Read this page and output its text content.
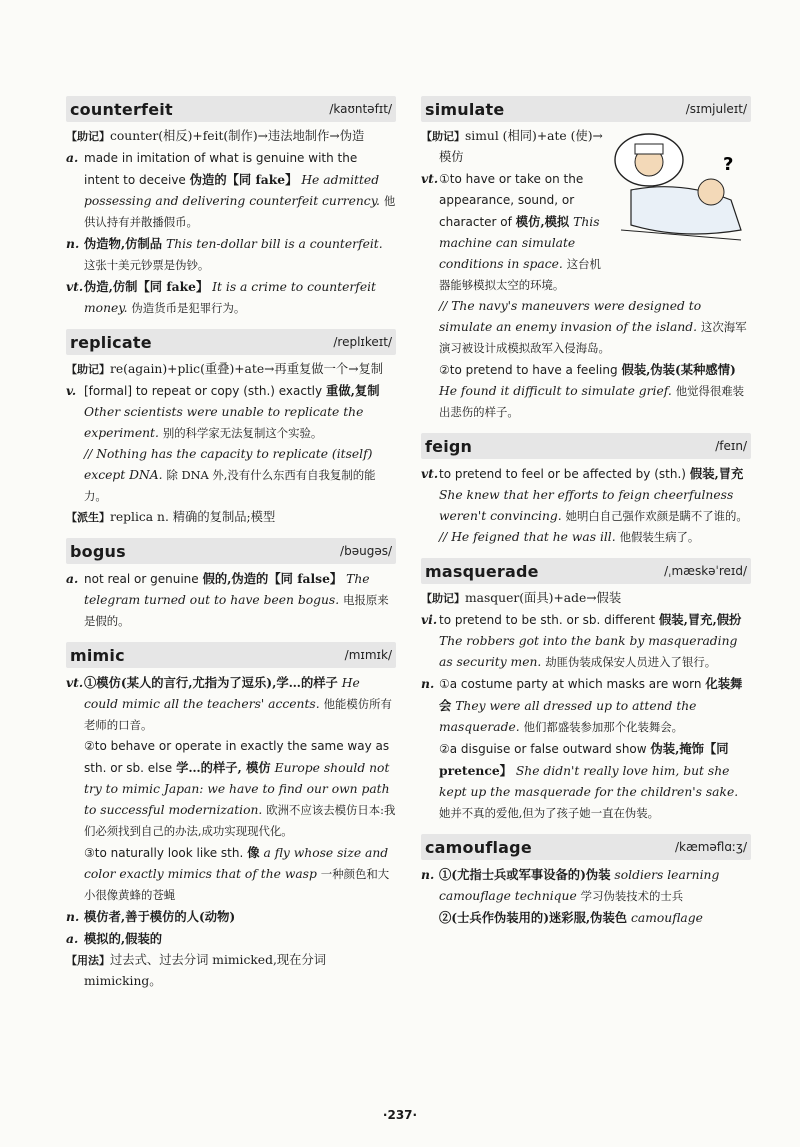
counterfeit	/kaʊntəfɪt/

【助记】counter(相反)+feit(制作)→违法地制作→伪造

a. made in imitation of what is genuine with the intent to deceive 伪造的【同 fake】 He admitted possessing and delivering counterfeit currency. 他供认持有并散播假币。

n. 伪造物,仿制品 This ten-dollar bill is a counterfeit. 这张十美元钞票是伪钞。

vt.伪造,仿制【同 fake】 It is a crime to counterfeit money. 伪造货币是犯罪行为。

replicate	/replɪkeɪt/

【助记】re(again)+plic(重叠)+ate→再重复做一个→复制

v. [formal] to repeat or copy (sth.) exactly 重做,复制 Other scientists were unable to replicate the experiment. 别的科学家无法复制这个实验。

// Nothing has the capacity to replicate (itself) except DNA. 除 DNA 外,没有什么东西有自我复制的能力。

【派生】replica n. 精确的复制品;模型

bogus	/bəugəs/

a. not real or genuine 假的,伪造的【同 false】 The telegram turned out to have been bogus. 电报原来是假的。

mimic	/mɪmɪk/

vt.①模仿(某人的言行,尤指为了逗乐),学…的样子 He could mimic all the teachers' accents. 他能模仿所有老师的口音。

②to behave or operate in exactly the same way as sth. or sb. else 学…的样子, 模仿 Europe should not try to mimic Japan: we have to find our own path to successful modernization. 欧洲不应该去模仿日本:我们必须找到自己的办法,成功实现现代化。

③to naturally look like sth. 像 a fly whose size and color exactly mimics that of the wasp 一种颜色和大小很像黄蜂的苍蝇

n. 模仿者,善于模仿的人(动物)

a. 模拟的,假装的

【用法】过去式、过去分词 mimicked,现在分词 mimicking。

simulate	/sɪmjuleɪt/
?

【助记】simul (相同)+ate (使)→模仿

vt.①to have or take on the appearance, sound, or character of 模仿,模拟 This machine can simulate conditions in space. 这台机器能够模拟太空的环境。

// The navy's maneuvers were designed to simulate an enemy invasion of the island. 这次海军演习被设计成模拟敌军入侵海岛。

②to pretend to have a feeling 假装,伪装(某种感情) He found it difficult to simulate grief. 他觉得很难装出悲伤的样子。

feign	/feɪn/

vt.to pretend to feel or be affected by (sth.) 假装,冒充 She knew that her efforts to feign cheerfulness weren't convincing. 她明白自己强作欢颜是瞒不了谁的。

// He feigned that he was ill. 他假装生病了。

masquerade	/ˌmæskəˈreɪd/

【助记】masquer(面具)+ade→假装

vi. to pretend to be sth. or sb. different 假装,冒充,假扮 The robbers got into the bank by masquerading as security men. 劫匪伪装成保安人员进入了银行。

n. ①a costume party at which masks are worn 化装舞会 They were all dressed up to attend the masquerade. 他们都盛装参加那个化装舞会。

②a disguise or false outward show 伪装,掩饰【同 pretence】 She didn't really love him, but she kept up the masquerade for the children's sake. 她并不真的爱他,但为了孩子她一直在伪装。

camouflage	/kæməflɑːʒ/

n. ①(尤指士兵或军事设备的)伪装 soldiers learning camouflage technique 学习伪装技术的士兵

②(士兵作伪装用的)迷彩服,伪装色 camouflage

·237·
